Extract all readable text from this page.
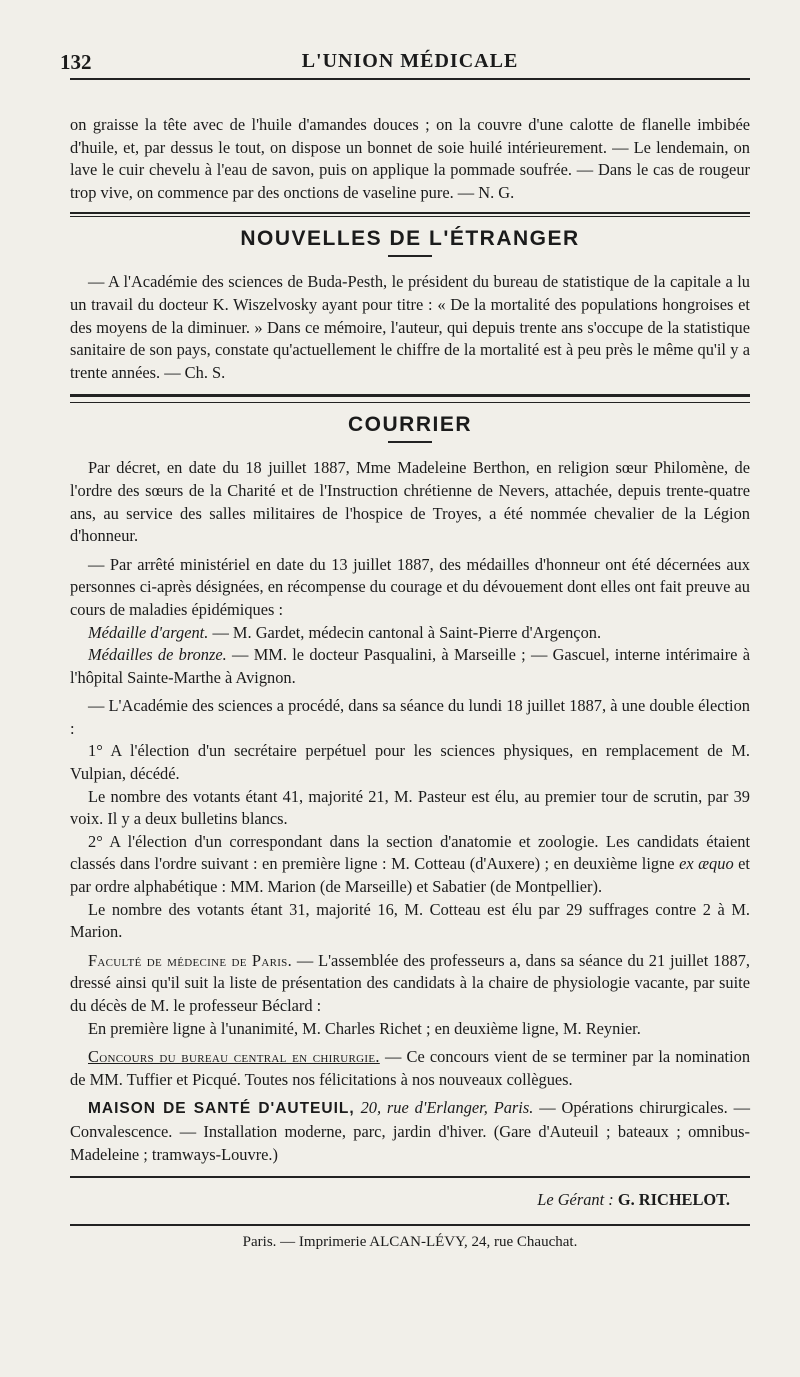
132	L'UNION MÉDICALE

on graisse la tête avec de l'huile d'amandes douces ; on la couvre d'une calotte de flanelle imbibée d'huile, et, par dessus le tout, on dispose un bonnet de soie huilé intérieurement. — Le lendemain, on lave le cuir chevelu à l'eau de savon, puis on applique la pommade soufrée. — Dans le cas de rougeur trop vive, on commence par des onctions de vaseline pure. — N. G.

NOUVELLES DE L'ÉTRANGER

— A l'Académie des sciences de Buda-Pesth, le président du bureau de statistique de la capitale a lu un travail du docteur K. Wiszelvosky ayant pour titre : « De la mortalité des populations hongroises et des moyens de la diminuer. » Dans ce mémoire, l'auteur, qui depuis trente ans s'occupe de la statistique sanitaire de son pays, constate qu'actuellement le chiffre de la mortalité est à peu près le même qu'il y a trente années. — Ch. S.

COURRIER

Par décret, en date du 18 juillet 1887, Mme Madeleine Berthon, en religion sœur Philomène, de l'ordre des sœurs de la Charité et de l'Instruction chrétienne de Nevers, attachée, depuis trente-quatre ans, au service des salles militaires de l'hospice de Troyes, a été nommée chevalier de la Légion d'honneur.

— Par arrêté ministériel en date du 13 juillet 1887, des médailles d'honneur ont été décernées aux personnes ci-après désignées, en récompense du courage et du dévouement dont elles ont fait preuve au cours de maladies épidémiques :

Médaille d'argent. — M. Gardet, médecin cantonal à Saint-Pierre d'Argençon.

Médailles de bronze. — MM. le docteur Pasqualini, à Marseille ; — Gascuel, interne intérimaire à l'hôpital Sainte-Marthe à Avignon.

— L'Académie des sciences a procédé, dans sa séance du lundi 18 juillet 1887, à une double élection :

1° A l'élection d'un secrétaire perpétuel pour les sciences physiques, en remplacement de M. Vulpian, décédé.

Le nombre des votants étant 41, majorité 21, M. Pasteur est élu, au premier tour de scrutin, par 39 voix. Il y a deux bulletins blancs.

2° A l'élection d'un correspondant dans la section d'anatomie et zoologie. Les candidats étaient classés dans l'ordre suivant : en première ligne : M. Cotteau (d'Auxere) ; en deuxième ligne ex æquo et par ordre alphabétique : MM. Marion (de Marseille) et Sabatier (de Montpellier).

Le nombre des votants étant 31, majorité 16, M. Cotteau est élu par 29 suffrages contre 2 à M. Marion.

Faculté de médecine de Paris. — L'assemblée des professeurs a, dans sa séance du 21 juillet 1887, dressé ainsi qu'il suit la liste de présentation des candidats à la chaire de physiologie vacante, par suite du décès de M. le professeur Béclard :

En première ligne à l'unanimité, M. Charles Richet ; en deuxième ligne, M. Reynier.

Concours du bureau central en chirurgie. — Ce concours vient de se terminer par la nomination de MM. Tuffier et Picqué. Toutes nos félicitations à nos nouveaux collègues.

MAISON DE SANTÉ D'AUTEUIL, 20, rue d'Erlanger, Paris. — Opérations chirurgicales. — Convalescence. — Installation moderne, parc, jardin d'hiver. (Gare d'Auteuil ; bateaux ; omnibus-Madeleine ; tramways-Louvre.)

Le Gérant : G. RICHELOT.
Paris. — Imprimerie ALCAN-LÉVY, 24, rue Chauchat.
